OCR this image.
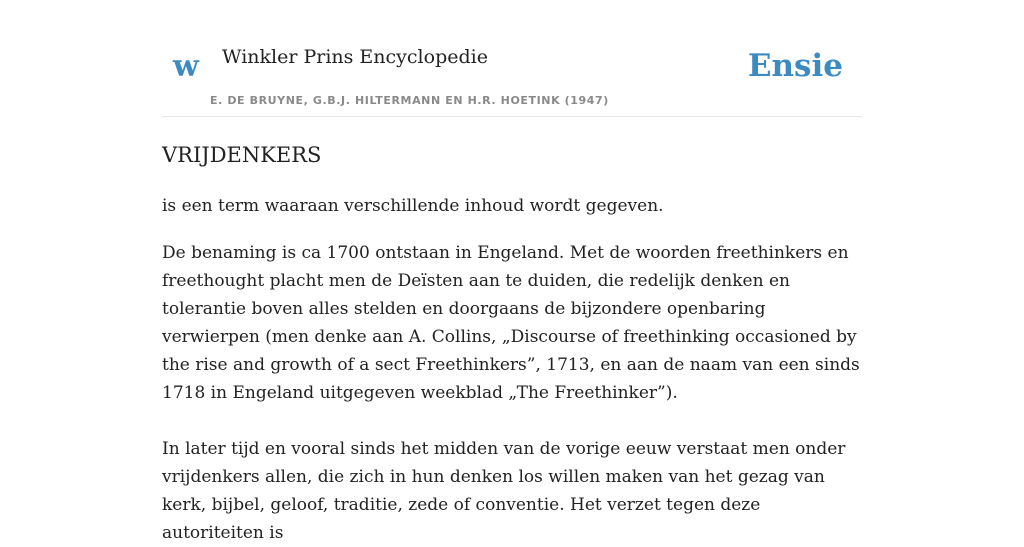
w Winkler Prins Encyclopedie
E. DE BRUYNE, G.B.J. HILTERMANN EN H.R. HOETINK (1947)
Ensie
VRIJDENKERS

is een term waaraan verschillende inhoud wordt gegeven.

De benaming is ca 1700 ontstaan in Engeland. Met de woorden freethinkers en freethought placht men de Deïsten aan te duiden, die redelijk denken en tolerantie boven alles stelden en doorgaans de bijzondere openbaring verwierpen (men denke aan A. Collins, „Discourse of freethinking occasioned by the rise and growth of a sect Freethinkers”, 1713, en aan de naam van een sinds 1718 in Engeland uitgegeven weekblad „The Freethinker”).

In later tijd en vooral sinds het midden van de vorige eeuw verstaat men onder vrijdenkers allen, die zich in hun denken los willen maken van het gezag van kerk, bijbel, geloof, traditie, zede of conventie. Het verzet tegen deze autoriteiten is
